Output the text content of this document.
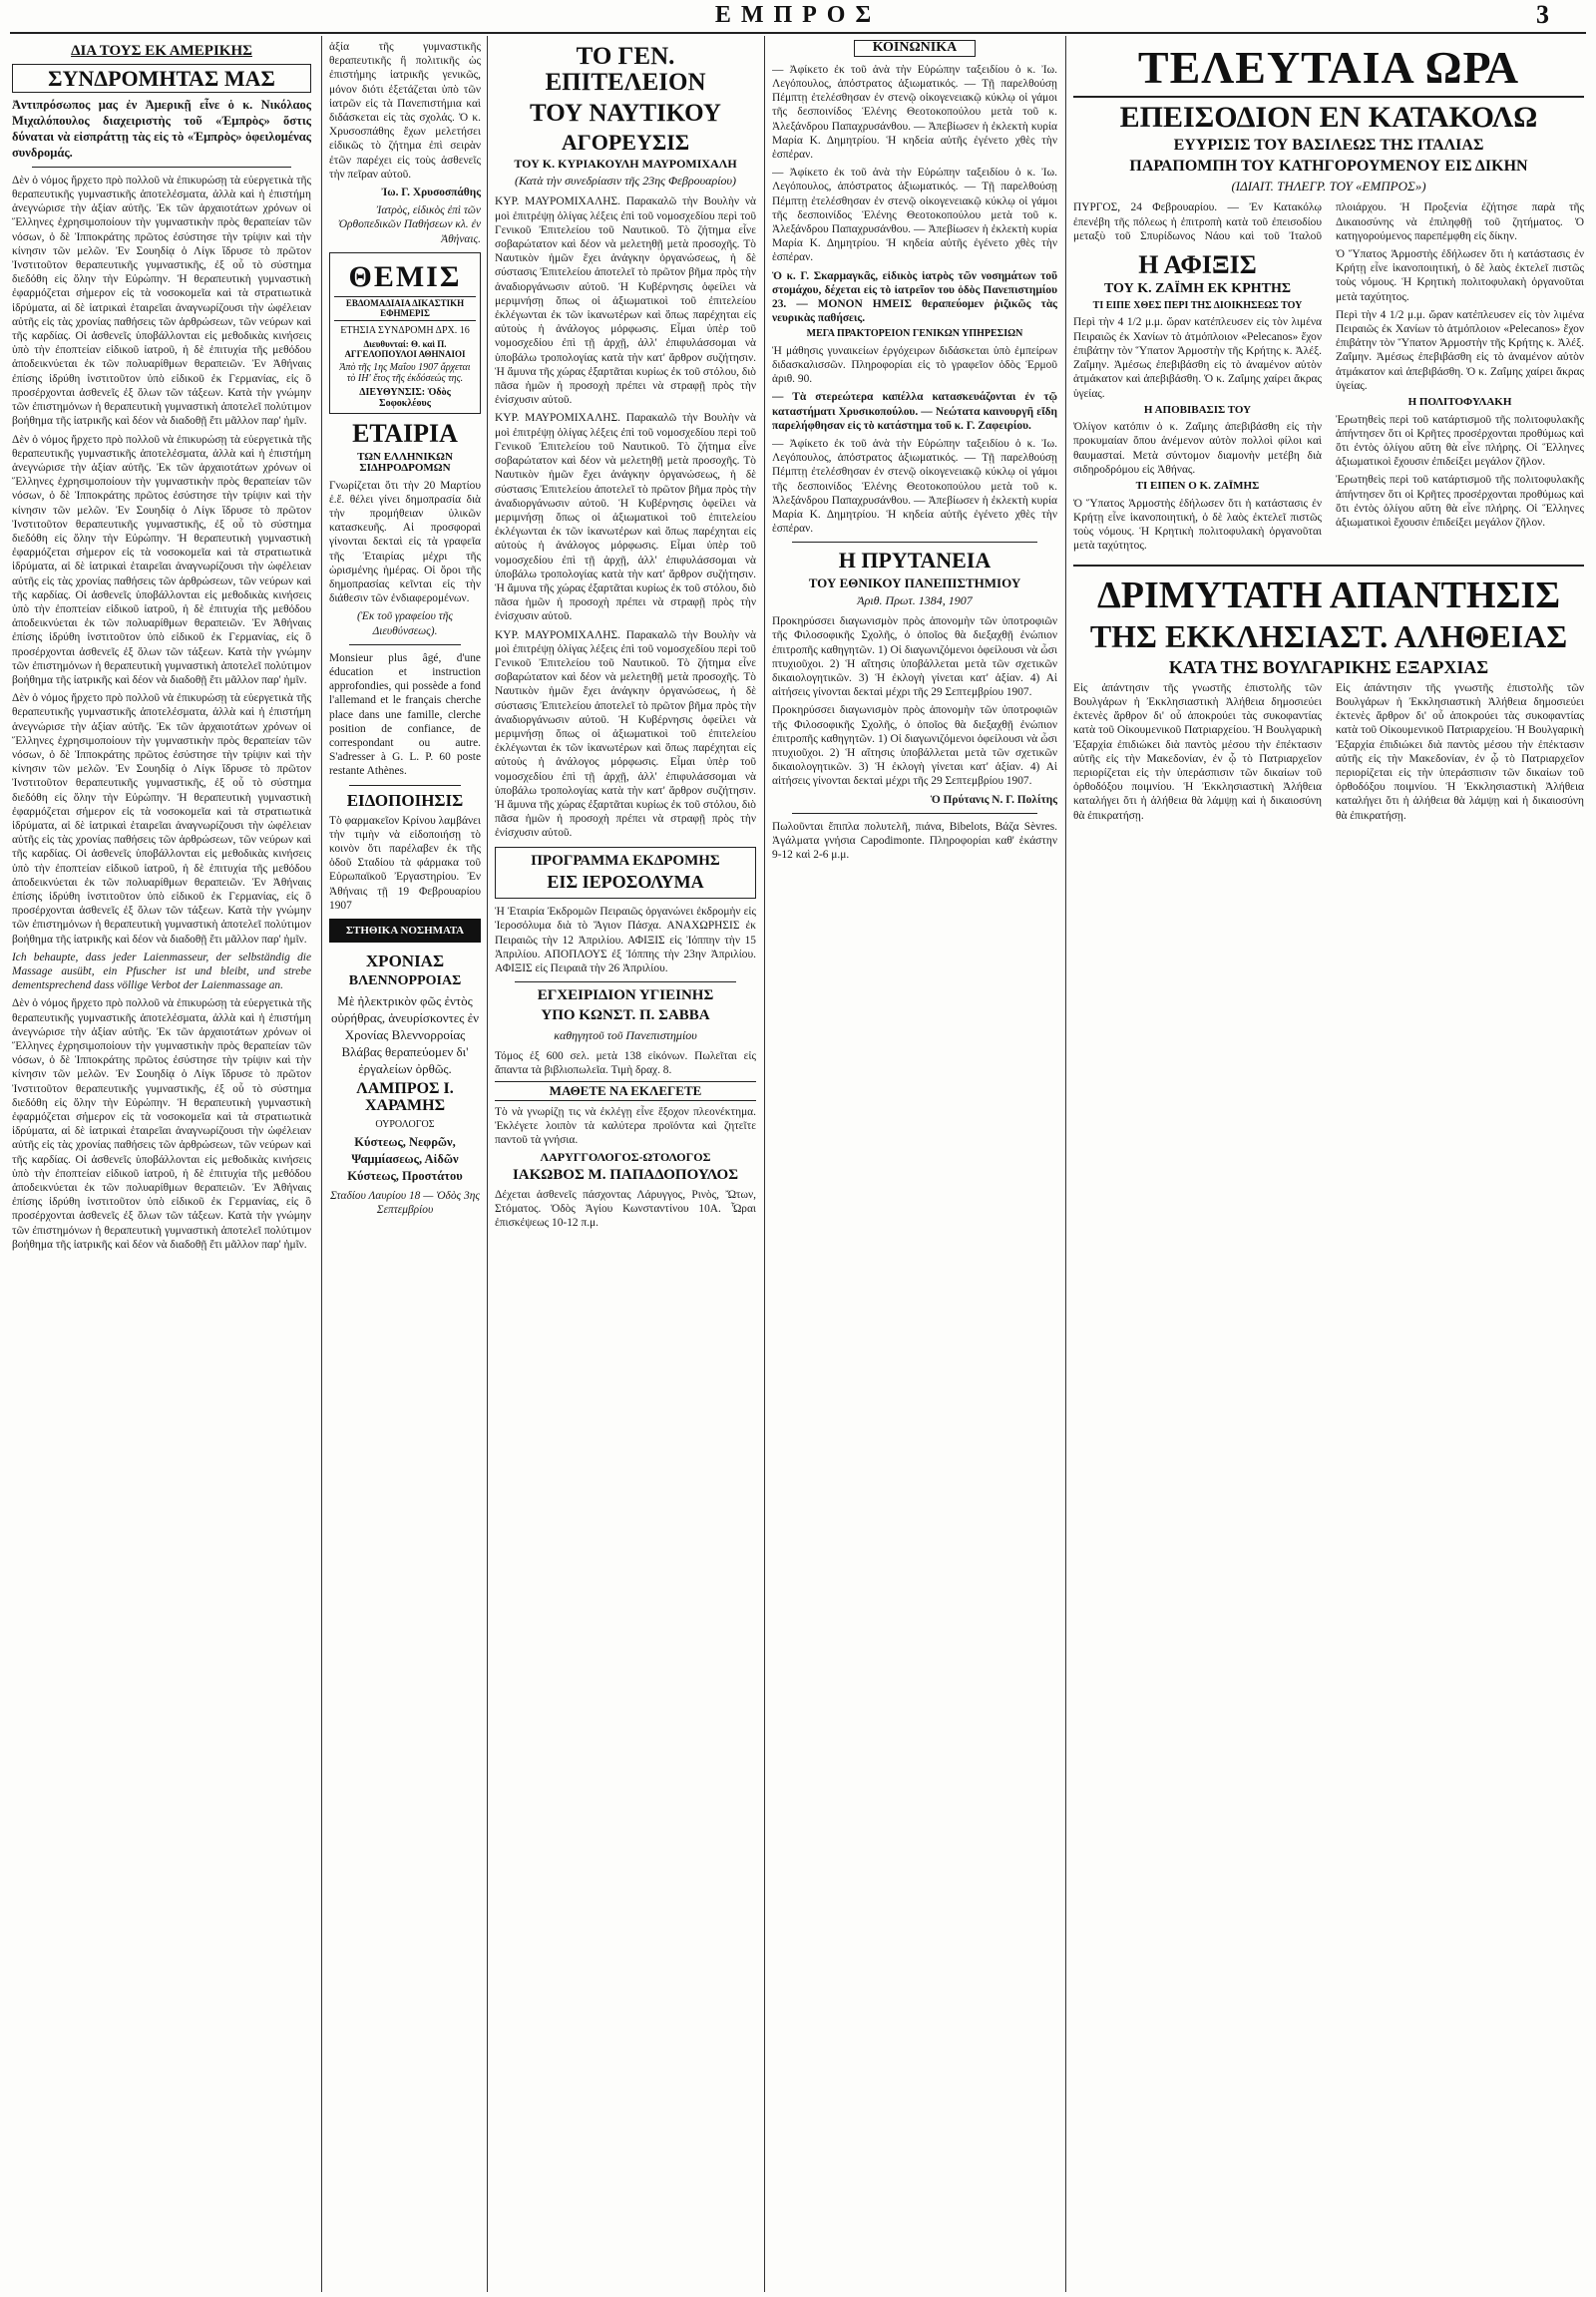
ΕΜΠΡΟΣ	3
ΔΙΑ ΤΟΥΣ ΕΚ ΑΜΕΡΙΚΗΣ
ΣΥΝΔΡΟΜΗΤΑΣ ΜΑΣ

Ἀντιπρόσωπος μας ἐν Ἀμερικῇ εἶνε ὁ κ. Νικόλαος Μιχαλόπουλος διαχειριστὴς τοῦ «Ἐμπρὸς» ὅστις δύναται νὰ εἰσπράττῃ τὰς εἰς τὸ «Ἐμπρὸς» ὀφειλομένας συνδρομάς.

Δὲν ὁ νόμος ἤρχετο πρὸ πολλοῦ νὰ ἐπικυρώσῃ τὰ εὐεργετικὰ τῆς θεραπευτικῆς γυμναστικῆς ἀποτελέσματα, ἀλλὰ καὶ ἡ ἐπιστήμη ἀνεγνώρισε τὴν ἀξίαν αὐτῆς. Ἐκ τῶν ἀρχαιοτάτων χρόνων οἱ Ἕλληνες ἐχρησιμοποίουν τὴν γυμναστικὴν πρὸς θεραπείαν τῶν νόσων, ὁ δὲ Ἱπποκράτης πρῶτος ἐσύστησε τὴν τρίψιν καὶ τὴν κίνησιν τῶν μελῶν. Ἐν Σουηδίᾳ ὁ Λίγκ ἵδρυσε τὸ πρῶτον Ἰνστιτοῦτον θεραπευτικῆς γυμναστικῆς, ἐξ οὗ τὸ σύστημα διεδόθη εἰς ὅλην τὴν Εὐρώπην. Ἡ θεραπευτικὴ γυμναστικὴ ἐφαρμόζεται σήμερον εἰς τὰ νοσοκομεῖα καὶ τὰ στρατιωτικὰ ἰδρύματα, αἱ δὲ ἰατρικαὶ ἑταιρεῖαι ἀναγνωρίζουσι τὴν ὠφέλειαν αὐτῆς εἰς τὰς χρονίας παθήσεις τῶν ἀρθρώσεων, τῶν νεύρων καὶ τῆς καρδίας. Οἱ ἀσθενεῖς ὑποβάλλονται εἰς μεθοδικὰς κινήσεις ὑπὸ τὴν ἐποπτείαν εἰδικοῦ ἰατροῦ, ἡ δὲ ἐπιτυχία τῆς μεθόδου ἀποδεικνύεται ἐκ τῶν πολυαρίθμων θεραπειῶν. Ἐν Ἀθήναις ἐπίσης ἱδρύθη ἰνστιτοῦτον ὑπὸ εἰδικοῦ ἐκ Γερμανίας, εἰς ὃ προσέρχονται ἀσθενεῖς ἐξ ὅλων τῶν τάξεων. Κατὰ τὴν γνώμην τῶν ἐπιστημόνων ἡ θεραπευτικὴ γυμναστικὴ ἀποτελεῖ πολύτιμον βοήθημα τῆς ἰατρικῆς καὶ δέον νὰ διαδοθῇ ἔτι μᾶλλον παρ' ἡμῖν.

Δὲν ὁ νόμος ἤρχετο πρὸ πολλοῦ νὰ ἐπικυρώσῃ τὰ εὐεργετικὰ τῆς θεραπευτικῆς γυμναστικῆς ἀποτελέσματα, ἀλλὰ καὶ ἡ ἐπιστήμη ἀνεγνώρισε τὴν ἀξίαν αὐτῆς. Ἐκ τῶν ἀρχαιοτάτων χρόνων οἱ Ἕλληνες ἐχρησιμοποίουν τὴν γυμναστικὴν πρὸς θεραπείαν τῶν νόσων, ὁ δὲ Ἱπποκράτης πρῶτος ἐσύστησε τὴν τρίψιν καὶ τὴν κίνησιν τῶν μελῶν. Ἐν Σουηδίᾳ ὁ Λίγκ ἵδρυσε τὸ πρῶτον Ἰνστιτοῦτον θεραπευτικῆς γυμναστικῆς, ἐξ οὗ τὸ σύστημα διεδόθη εἰς ὅλην τὴν Εὐρώπην. Ἡ θεραπευτικὴ γυμναστικὴ ἐφαρμόζεται σήμερον εἰς τὰ νοσοκομεῖα καὶ τὰ στρατιωτικὰ ἰδρύματα, αἱ δὲ ἰατρικαὶ ἑταιρεῖαι ἀναγνωρίζουσι τὴν ὠφέλειαν αὐτῆς εἰς τὰς χρονίας παθήσεις τῶν ἀρθρώσεων, τῶν νεύρων καὶ τῆς καρδίας. Οἱ ἀσθενεῖς ὑποβάλλονται εἰς μεθοδικὰς κινήσεις ὑπὸ τὴν ἐποπτείαν εἰδικοῦ ἰατροῦ, ἡ δὲ ἐπιτυχία τῆς μεθόδου ἀποδεικνύεται ἐκ τῶν πολυαρίθμων θεραπειῶν. Ἐν Ἀθήναις ἐπίσης ἱδρύθη ἰνστιτοῦτον ὑπὸ εἰδικοῦ ἐκ Γερμανίας, εἰς ὃ προσέρχονται ἀσθενεῖς ἐξ ὅλων τῶν τάξεων. Κατὰ τὴν γνώμην τῶν ἐπιστημόνων ἡ θεραπευτικὴ γυμναστικὴ ἀποτελεῖ πολύτιμον βοήθημα τῆς ἰατρικῆς καὶ δέον νὰ διαδοθῇ ἔτι μᾶλλον παρ' ἡμῖν.

Δὲν ὁ νόμος ἤρχετο πρὸ πολλοῦ νὰ ἐπικυρώσῃ τὰ εὐεργετικὰ τῆς θεραπευτικῆς γυμναστικῆς ἀποτελέσματα, ἀλλὰ καὶ ἡ ἐπιστήμη ἀνεγνώρισε τὴν ἀξίαν αὐτῆς. Ἐκ τῶν ἀρχαιοτάτων χρόνων οἱ Ἕλληνες ἐχρησιμοποίουν τὴν γυμναστικὴν πρὸς θεραπείαν τῶν νόσων, ὁ δὲ Ἱπποκράτης πρῶτος ἐσύστησε τὴν τρίψιν καὶ τὴν κίνησιν τῶν μελῶν. Ἐν Σουηδίᾳ ὁ Λίγκ ἵδρυσε τὸ πρῶτον Ἰνστιτοῦτον θεραπευτικῆς γυμναστικῆς, ἐξ οὗ τὸ σύστημα διεδόθη εἰς ὅλην τὴν Εὐρώπην. Ἡ θεραπευτικὴ γυμναστικὴ ἐφαρμόζεται σήμερον εἰς τὰ νοσοκομεῖα καὶ τὰ στρατιωτικὰ ἰδρύματα, αἱ δὲ ἰατρικαὶ ἑταιρεῖαι ἀναγνωρίζουσι τὴν ὠφέλειαν αὐτῆς εἰς τὰς χρονίας παθήσεις τῶν ἀρθρώσεων, τῶν νεύρων καὶ τῆς καρδίας. Οἱ ἀσθενεῖς ὑποβάλλονται εἰς μεθοδικὰς κινήσεις ὑπὸ τὴν ἐποπτείαν εἰδικοῦ ἰατροῦ, ἡ δὲ ἐπιτυχία τῆς μεθόδου ἀποδεικνύεται ἐκ τῶν πολυαρίθμων θεραπειῶν. Ἐν Ἀθήναις ἐπίσης ἱδρύθη ἰνστιτοῦτον ὑπὸ εἰδικοῦ ἐκ Γερμανίας, εἰς ὃ προσέρχονται ἀσθενεῖς ἐξ ὅλων τῶν τάξεων. Κατὰ τὴν γνώμην τῶν ἐπιστημόνων ἡ θεραπευτικὴ γυμναστικὴ ἀποτελεῖ πολύτιμον βοήθημα τῆς ἰατρικῆς καὶ δέον νὰ διαδοθῇ ἔτι μᾶλλον παρ' ἡμῖν.

Ich behaupte, dass jeder Laienmasseur, der selbständig die Massage ausübt, ein Pfuscher ist und bleibt, und strebe dementsprechend dass völlige Verbot der Laienmassage an.

Δὲν ὁ νόμος ἤρχετο πρὸ πολλοῦ νὰ ἐπικυρώσῃ τὰ εὐεργετικὰ τῆς θεραπευτικῆς γυμναστικῆς ἀποτελέσματα, ἀλλὰ καὶ ἡ ἐπιστήμη ἀνεγνώρισε τὴν ἀξίαν αὐτῆς. Ἐκ τῶν ἀρχαιοτάτων χρόνων οἱ Ἕλληνες ἐχρησιμοποίουν τὴν γυμναστικὴν πρὸς θεραπείαν τῶν νόσων, ὁ δὲ Ἱπποκράτης πρῶτος ἐσύστησε τὴν τρίψιν καὶ τὴν κίνησιν τῶν μελῶν. Ἐν Σουηδίᾳ ὁ Λίγκ ἵδρυσε τὸ πρῶτον Ἰνστιτοῦτον θεραπευτικῆς γυμναστικῆς, ἐξ οὗ τὸ σύστημα διεδόθη εἰς ὅλην τὴν Εὐρώπην. Ἡ θεραπευτικὴ γυμναστικὴ ἐφαρμόζεται σήμερον εἰς τὰ νοσοκομεῖα καὶ τὰ στρατιωτικὰ ἰδρύματα, αἱ δὲ ἰατρικαὶ ἑταιρεῖαι ἀναγνωρίζουσι τὴν ὠφέλειαν αὐτῆς εἰς τὰς χρονίας παθήσεις τῶν ἀρθρώσεων, τῶν νεύρων καὶ τῆς καρδίας. Οἱ ἀσθενεῖς ὑποβάλλονται εἰς μεθοδικὰς κινήσεις ὑπὸ τὴν ἐποπτείαν εἰδικοῦ ἰατροῦ, ἡ δὲ ἐπιτυχία τῆς μεθόδου ἀποδεικνύεται ἐκ τῶν πολυαρίθμων θεραπειῶν. Ἐν Ἀθήναις ἐπίσης ἱδρύθη ἰνστιτοῦτον ὑπὸ εἰδικοῦ ἐκ Γερμανίας, εἰς ὃ προσέρχονται ἀσθενεῖς ἐξ ὅλων τῶν τάξεων. Κατὰ τὴν γνώμην τῶν ἐπιστημόνων ἡ θεραπευτικὴ γυμναστικὴ ἀποτελεῖ πολύτιμον βοήθημα τῆς ἰατρικῆς καὶ δέον νὰ διαδοθῇ ἔτι μᾶλλον παρ' ἡμῖν.

ἀξία τῆς γυμναστικῆς θεραπευτικῆς ἢ πολιτικῆς ὡς ἐπιστήμης ἰατρικῆς γενικῶς, μόνον διότι ἐξετάζεται ὑπὸ τῶν ἰατρῶν εἰς τὰ Πανεπιστήμια καὶ διδάσκεται εἰς τὰς σχολάς. Ὁ κ. Χρυσοσπάθης ἔχων μελετήσει εἰδικῶς τὸ ζήτημα ἐπὶ σειρὰν ἐτῶν παρέχει εἰς τοὺς ἀσθενεῖς τὴν πεῖραν αὐτοῦ.

Ἰω. Γ. Χρυσοσπάθης

Ἰατρὸς, εἰδικὸς ἐπὶ τῶν Ὀρθοπεδικῶν Παθήσεων κλ. ἐν Ἀθήναις.

ΘΕΜΙΣ
ΕΒΔΟΜΑΔΙΑΙΑ ΔΙΚΑΣΤΙΚΗ ΕΦΗΜΕΡΙΣ
ΕΤΗΣΙΑ ΣΥΝΔΡΟΜΗ ΔΡΧ. 16
Διευθυνταί: Θ. καὶ Π. ΑΓΓΕΛΟΠΟΥΛΟΙ ΑΘΗΝΑΙΟΙ
Ἀπὸ τῆς 1ης Μαΐου 1907 ἄρχεται τὸ ΙΗ' ἔτος τῆς ἐκδόσεώς της.
ΔΙΕΥΘΥΝΣΙΣ: Ὁδὸς Σοφοκλέους
ΕΤΑΙΡΙΑ
ΤΩΝ ΕΛΛΗΝΙΚΩΝ ΣΙΔΗΡΟΔΡΟΜΩΝ

Γνωρίζεται ὅτι τὴν 20 Μαρτίου ἐ.ἔ. θέλει γίνει δημοπρασία διὰ τὴν προμήθειαν ὑλικῶν κατασκευῆς. Αἱ προσφοραὶ γίνονται δεκταὶ εἰς τὰ γραφεῖα τῆς Ἑταιρίας μέχρι τῆς ὡρισμένης ἡμέρας. Οἱ ὅροι τῆς δημοπρασίας κεῖνται εἰς τὴν διάθεσιν τῶν ἐνδιαφερομένων.

(Ἐκ τοῦ γραφείου τῆς Διευθύνσεως).

Monsieur plus âgé, d'une éducation et instruction approfondies, qui possède a fond l'allemand et le français cherche place dans une famille, clerche position de confiance, de correspondant ou autre. S'adresser à G. L. P. 60 poste restante Athènes.

ΕΙΔΟΠΟΙΗΣΙΣ

Τὸ φαρμακεῖον Κρίνου λαμβάνει τὴν τιμὴν νὰ εἰδοποιήσῃ τὸ κοινὸν ὅτι παρέλαβεν ἐκ τῆς ὁδοῦ Σταδίου τὰ φάρμακα τοῦ Εὐρωπαϊκοῦ Ἐργαστηρίου. Ἐν Ἀθήναις τῇ 19 Φεβρουαρίου 1907

ΣΤΗΘΙΚΑ ΝΟΣΗΜΑΤΑ
ΧΡΟΝΙΑΣ
ΒΛΕΝΝΟΡΡΟΙΑΣ

Μὲ ἠλεκτρικὸν φῶς ἐντὸς οὐρήθρας, ἀνευρίσκοντες ἐν Χρονίας Βλεννορροίας Βλάβας θεραπεύομεν δι' ἐργαλείων ὀρθῶς.

ΛΑΜΠΡΟΣ Ι. ΧΑΡΑΜΗΣ
ΟΥΡΟΛΟΓΟΣ

Κύστεως, Νεφρῶν, Ψαμμίασεως, Αἰδῶν Κύστεως, Προστάτου

Σταδίου Λαυρίου 18 — Ὁδὸς 3ης Σεπτεμβρίου

ΤΟ ΓΕΝ. ΕΠΙΤΕΛΕΙΟΝ
ΤΟΥ ΝΑΥΤΙΚΟΥ
ΑΓΟΡΕΥΣΙΣ
ΤΟΥ Κ. ΚΥΡΙΑΚΟΥΛΗ ΜΑΥΡΟΜΙΧΑΛΗ
(Κατὰ τὴν συνεδρίασιν τῆς 23ης Φεβρουαρίου)

ΚΥΡ. ΜΑΥΡΟΜΙΧΑΛΗΣ. Παρακαλῶ τὴν Βουλὴν νὰ μοὶ ἐπιτρέψῃ ὀλίγας λέξεις ἐπὶ τοῦ νομοσχεδίου περὶ τοῦ Γενικοῦ Ἐπιτελείου τοῦ Ναυτικοῦ. Τὸ ζήτημα εἶνε σοβαρώτατον καὶ δέον νὰ μελετηθῇ μετὰ προσοχῆς. Τὸ Ναυτικὸν ἡμῶν ἔχει ἀνάγκην ὀργανώσεως, ἡ δὲ σύστασις Ἐπιτελείου ἀποτελεῖ τὸ πρῶτον βῆμα πρὸς τὴν ἀναδιοργάνωσιν αὐτοῦ. Ἡ Κυβέρνησις ὀφείλει νὰ μεριμνήσῃ ὅπως οἱ ἀξιωματικοὶ τοῦ ἐπιτελείου ἐκλέγωνται ἐκ τῶν ἱκανωτέρων καὶ ὅπως παρέχηται εἰς αὐτοὺς ἡ ἀνάλογος μόρφωσις. Εἶμαι ὑπὲρ τοῦ νομοσχεδίου ἐπὶ τῇ ἀρχῇ, ἀλλ' ἐπιφυλάσσομαι νὰ ὑποβάλω τροπολογίας κατὰ τὴν κατ' ἄρθρον συζήτησιν. Ἡ ἄμυνα τῆς χώρας ἐξαρτᾶται κυρίως ἐκ τοῦ στόλου, διὸ πᾶσα ἡμῶν ἡ προσοχὴ πρέπει νὰ στραφῇ πρὸς τὴν ἐνίσχυσιν αὐτοῦ.

ΚΥΡ. ΜΑΥΡΟΜΙΧΑΛΗΣ. Παρακαλῶ τὴν Βουλὴν νὰ μοὶ ἐπιτρέψῃ ὀλίγας λέξεις ἐπὶ τοῦ νομοσχεδίου περὶ τοῦ Γενικοῦ Ἐπιτελείου τοῦ Ναυτικοῦ. Τὸ ζήτημα εἶνε σοβαρώτατον καὶ δέον νὰ μελετηθῇ μετὰ προσοχῆς. Τὸ Ναυτικὸν ἡμῶν ἔχει ἀνάγκην ὀργανώσεως, ἡ δὲ σύστασις Ἐπιτελείου ἀποτελεῖ τὸ πρῶτον βῆμα πρὸς τὴν ἀναδιοργάνωσιν αὐτοῦ. Ἡ Κυβέρνησις ὀφείλει νὰ μεριμνήσῃ ὅπως οἱ ἀξιωματικοὶ τοῦ ἐπιτελείου ἐκλέγωνται ἐκ τῶν ἱκανωτέρων καὶ ὅπως παρέχηται εἰς αὐτοὺς ἡ ἀνάλογος μόρφωσις. Εἶμαι ὑπὲρ τοῦ νομοσχεδίου ἐπὶ τῇ ἀρχῇ, ἀλλ' ἐπιφυλάσσομαι νὰ ὑποβάλω τροπολογίας κατὰ τὴν κατ' ἄρθρον συζήτησιν. Ἡ ἄμυνα τῆς χώρας ἐξαρτᾶται κυρίως ἐκ τοῦ στόλου, διὸ πᾶσα ἡμῶν ἡ προσοχὴ πρέπει νὰ στραφῇ πρὸς τὴν ἐνίσχυσιν αὐτοῦ.

ΚΥΡ. ΜΑΥΡΟΜΙΧΑΛΗΣ. Παρακαλῶ τὴν Βουλὴν νὰ μοὶ ἐπιτρέψῃ ὀλίγας λέξεις ἐπὶ τοῦ νομοσχεδίου περὶ τοῦ Γενικοῦ Ἐπιτελείου τοῦ Ναυτικοῦ. Τὸ ζήτημα εἶνε σοβαρώτατον καὶ δέον νὰ μελετηθῇ μετὰ προσοχῆς. Τὸ Ναυτικὸν ἡμῶν ἔχει ἀνάγκην ὀργανώσεως, ἡ δὲ σύστασις Ἐπιτελείου ἀποτελεῖ τὸ πρῶτον βῆμα πρὸς τὴν ἀναδιοργάνωσιν αὐτοῦ. Ἡ Κυβέρνησις ὀφείλει νὰ μεριμνήσῃ ὅπως οἱ ἀξιωματικοὶ τοῦ ἐπιτελείου ἐκλέγωνται ἐκ τῶν ἱκανωτέρων καὶ ὅπως παρέχηται εἰς αὐτοὺς ἡ ἀνάλογος μόρφωσις. Εἶμαι ὑπὲρ τοῦ νομοσχεδίου ἐπὶ τῇ ἀρχῇ, ἀλλ' ἐπιφυλάσσομαι νὰ ὑποβάλω τροπολογίας κατὰ τὴν κατ' ἄρθρον συζήτησιν. Ἡ ἄμυνα τῆς χώρας ἐξαρτᾶται κυρίως ἐκ τοῦ στόλου, διὸ πᾶσα ἡμῶν ἡ προσοχὴ πρέπει νὰ στραφῇ πρὸς τὴν ἐνίσχυσιν αὐτοῦ.

ΠΡΟΓΡΑΜΜΑ ΕΚΔΡΟΜΗΣ
ΕΙΣ ΙΕΡΟΣΟΛΥΜΑ

Ἡ Ἑταιρία Ἐκδρομῶν Πειραιῶς ὀργανώνει ἐκδρομὴν εἰς Ἱεροσόλυμα διὰ τὸ Ἅγιον Πάσχα. ΑΝΑΧΩΡΗΣΙΣ ἐκ Πειραιῶς τὴν 12 Ἀπριλίου. ΑΦΙΞΙΣ εἰς Ἰόππην τὴν 15 Ἀπριλίου. ΑΠΟΠΛΟΥΣ ἐξ Ἰόππης τὴν 23ην Ἀπριλίου. ΑΦΙΞΙΣ εἰς Πειραιᾶ τὴν 26 Ἀπριλίου.

ΕΓΧΕΙΡΙΔΙΟΝ ΥΓΙΕΙΝΗΣ
ΥΠΟ ΚΩΝΣΤ. Π. ΣΑΒΒΑ
καθηγητοῦ τοῦ Πανεπιστημίου

Τόμος ἐξ 600 σελ. μετὰ 138 εἰκόνων. Πωλεῖται εἰς ἅπαντα τὰ βιβλιοπωλεῖα. Τιμὴ δραχ. 8.

ΜΑΘΕΤΕ ΝΑ ΕΚΛΕΓΕΤΕ

Τὸ νὰ γνωρίζῃ τις νὰ ἐκλέγῃ εἶνε ἔξοχον πλεονέκτημα. Ἐκλέγετε λοιπὸν τὰ καλύτερα προϊόντα καὶ ζητεῖτε παντοῦ τὰ γνήσια.

ΛΑΡΥΓΓΟΛΟΓΟΣ-ΩΤΟΛΟΓΟΣ
ΙΑΚΩΒΟΣ Μ. ΠΑΠΑΔΟΠΟΥΛΟΣ

Δέχεται ἀσθενεῖς πάσχοντας Λάρυγγος, Ρινὸς, Ὤτων, Στόματος. Ὁδὸς Ἁγίου Κωνσταντίνου 10Α. Ὧραι ἐπισκέψεως 10-12 π.μ.

ΚΟΙΝΩΝΙΚΑ

— Ἀφίκετο ἐκ τοῦ ἀνὰ τὴν Εὐρώπην ταξειδίου ὁ κ. Ἰω. Λεγόπουλος, ἀπόστρατος ἀξιωματικός. — Τῇ παρελθούσῃ Πέμπτῃ ἐτελέσθησαν ἐν στενῷ οἰκογενειακῷ κύκλῳ οἱ γάμοι τῆς δεσποινίδος Ἑλένης Θεοτοκοπούλου μετὰ τοῦ κ. Ἀλεξάνδρου Παπαχρυσάνθου. — Ἀπεβίωσεν ἡ ἐκλεκτὴ κυρία Μαρία Κ. Δημητρίου. Ἡ κηδεία αὐτῆς ἐγένετο χθὲς τὴν ἑσπέραν.

— Ἀφίκετο ἐκ τοῦ ἀνὰ τὴν Εὐρώπην ταξειδίου ὁ κ. Ἰω. Λεγόπουλος, ἀπόστρατος ἀξιωματικός. — Τῇ παρελθούσῃ Πέμπτῃ ἐτελέσθησαν ἐν στενῷ οἰκογενειακῷ κύκλῳ οἱ γάμοι τῆς δεσποινίδος Ἑλένης Θεοτοκοπούλου μετὰ τοῦ κ. Ἀλεξάνδρου Παπαχρυσάνθου. — Ἀπεβίωσεν ἡ ἐκλεκτὴ κυρία Μαρία Κ. Δημητρίου. Ἡ κηδεία αὐτῆς ἐγένετο χθὲς τὴν ἑσπέραν.

Ὁ κ. Γ. Σκαρμαγκᾶς, εἰδικὸς ἰατρὸς τῶν νοσημάτων τοῦ στομάχου, δέχεται εἰς τὸ ἰατρεῖον του ὁδὸς Πανεπιστημίου 23. — ΜΟΝΟΝ ΗΜΕΙΣ θεραπεύομεν ῥιζικῶς τὰς νευρικὰς παθήσεις.

ΜΕΓΑ ΠΡΑΚΤΟΡΕΙΟΝ ΓΕΝΙΚΩΝ ΥΠΗΡΕΣΙΩΝ

Ἡ μάθησις γυναικείων ἐργόχειρων διδάσκεται ὑπὸ ἐμπείρων διδασκαλισσῶν. Πληροφορίαι εἰς τὸ γραφεῖον ὁδὸς Ἑρμοῦ ἀριθ. 90.

— Τὰ στερεώτερα καπέλλα κατασκευάζονται ἐν τῷ καταστήματι Χρυσικοπούλου. — Νεώτατα καινουργῆ εἴδη παρελήφθησαν εἰς τὸ κατάστημα τοῦ κ. Γ. Ζαφειρίου.

— Ἀφίκετο ἐκ τοῦ ἀνὰ τὴν Εὐρώπην ταξειδίου ὁ κ. Ἰω. Λεγόπουλος, ἀπόστρατος ἀξιωματικός. — Τῇ παρελθούσῃ Πέμπτῃ ἐτελέσθησαν ἐν στενῷ οἰκογενειακῷ κύκλῳ οἱ γάμοι τῆς δεσποινίδος Ἑλένης Θεοτοκοπούλου μετὰ τοῦ κ. Ἀλεξάνδρου Παπαχρυσάνθου. — Ἀπεβίωσεν ἡ ἐκλεκτὴ κυρία Μαρία Κ. Δημητρίου. Ἡ κηδεία αὐτῆς ἐγένετο χθὲς τὴν ἑσπέραν.

Η ΠΡΥΤΑΝΕΙΑ
ΤΟΥ ΕΘΝΙΚΟΥ ΠΑΝΕΠΙΣΤΗΜΙΟΥ
Ἀριθ. Πρωτ. 1384, 1907

Προκηρύσσει διαγωνισμὸν πρὸς ἀπονομὴν τῶν ὑποτροφιῶν τῆς Φιλοσοφικῆς Σχολῆς, ὁ ὁποῖος θὰ διεξαχθῇ ἐνώπιον ἐπιτροπῆς καθηγητῶν. 1) Οἱ διαγωνιζόμενοι ὀφείλουσι νὰ ὦσι πτυχιοῦχοι. 2) Ἡ αἴτησις ὑποβάλλεται μετὰ τῶν σχετικῶν δικαιολογητικῶν. 3) Ἡ ἐκλογὴ γίνεται κατ' ἀξίαν. 4) Αἱ αἰτήσεις γίνονται δεκταὶ μέχρι τῆς 29 Σεπτεμβρίου 1907.

Προκηρύσσει διαγωνισμὸν πρὸς ἀπονομὴν τῶν ὑποτροφιῶν τῆς Φιλοσοφικῆς Σχολῆς, ὁ ὁποῖος θὰ διεξαχθῇ ἐνώπιον ἐπιτροπῆς καθηγητῶν. 1) Οἱ διαγωνιζόμενοι ὀφείλουσι νὰ ὦσι πτυχιοῦχοι. 2) Ἡ αἴτησις ὑποβάλλεται μετὰ τῶν σχετικῶν δικαιολογητικῶν. 3) Ἡ ἐκλογὴ γίνεται κατ' ἀξίαν. 4) Αἱ αἰτήσεις γίνονται δεκταὶ μέχρι τῆς 29 Σεπτεμβρίου 1907.

Ὁ Πρύτανις Ν. Γ. Πολίτης

Πωλοῦνται ἔπιπλα πολυτελῆ, πιάνα, Bibelots, Βάζα Sèvres. Ἀγάλματα γνήσια Capodimonte. Πληροφορίαι καθ' ἑκάστην 9-12 καὶ 2-6 μ.μ.

ΤΕΛΕΥΤΑΙΑ ΩΡΑ
ΕΠΕΙΣΟΔΙΟΝ ΕΝ ΚΑΤΑΚΟΛΩ
ΕΥΥΡΙΣΙΣ ΤΟΥ ΒΑΣΙΛΕΩΣ ΤΗΣ ΙΤΑΛΙΑΣ
ΠΑΡΑΠΟΜΠΗ ΤΟΥ ΚΑΤΗΓΟΡΟΥΜΕΝΟΥ ΕΙΣ ΔΙΚΗΝ
(ΙΔΙΑΙΤ. ΤΗΛΕΓΡ. ΤΟΥ «ΕΜΠΡΟΣ»)

ΠΥΡΓΟΣ, 24 Φεβρουαρίου. — Ἐν Κατακόλῳ ἐπενέβη τῆς πόλεως ἡ ἐπιτροπὴ κατὰ τοῦ ἐπεισοδίου μεταξὺ τοῦ Σπυρίδωνος Νάου καὶ τοῦ Ἰταλοῦ πλοιάρχου. Ἡ Προξενία ἐζήτησε παρὰ τῆς Δικαιοσύνης νὰ ἐπιληφθῇ τοῦ ζητήματος. Ὁ κατηγορούμενος παρεπέμφθη εἰς δίκην.

Η ΑΦΙΞΙΣ
ΤΟΥ Κ. ΖΑΪΜΗ ΕΚ ΚΡΗΤΗΣ
ΤΙ ΕΙΠΕ ΧΘΕΣ ΠΕΡΙ ΤΗΣ ΔΙΟΙΚΗΣΕΩΣ ΤΟΥ

Περὶ τὴν 4 1/2 μ.μ. ὥραν κατέπλευσεν εἰς τὸν λιμένα Πειραιῶς ἐκ Χανίων τὸ ἀτμόπλοιον «Pelecanos» ἔχον ἐπιβάτην τὸν Ὕπατον Ἁρμοστὴν τῆς Κρήτης κ. Ἀλέξ. Ζαΐμην. Ἀμέσως ἐπεβιβάσθη εἰς τὸ ἀναμένον αὐτὸν ἀτμάκατον καὶ ἀπεβιβάσθη. Ὁ κ. Ζαΐμης χαίρει ἄκρας ὑγείας.

Η ΑΠΟΒΙΒΑΣΙΣ ΤΟΥ

Ὀλίγον κατόπιν ὁ κ. Ζαΐμης ἀπεβιβάσθη εἰς τὴν προκυμαίαν ὅπου ἀνέμενον αὐτὸν πολλοὶ φίλοι καὶ θαυμασταί. Μετὰ σύντομον διαμονὴν μετέβη διὰ σιδηροδρόμου εἰς Ἀθήνας.

ΤΙ ΕΙΠΕΝ Ο Κ. ΖΑΪΜΗΣ

Ὁ Ὕπατος Ἁρμοστὴς ἐδήλωσεν ὅτι ἡ κατάστασις ἐν Κρήτῃ εἶνε ἱκανοποιητική, ὁ δὲ λαὸς ἐκτελεῖ πιστῶς τοὺς νόμους. Ἡ Κρητικὴ πολιτοφυλακὴ ὀργανοῦται μετὰ ταχύτητος.

Ὁ Ὕπατος Ἁρμοστὴς ἐδήλωσεν ὅτι ἡ κατάστασις ἐν Κρήτῃ εἶνε ἱκανοποιητική, ὁ δὲ λαὸς ἐκτελεῖ πιστῶς τοὺς νόμους. Ἡ Κρητικὴ πολιτοφυλακὴ ὀργανοῦται μετὰ ταχύτητος.

Περὶ τὴν 4 1/2 μ.μ. ὥραν κατέπλευσεν εἰς τὸν λιμένα Πειραιῶς ἐκ Χανίων τὸ ἀτμόπλοιον «Pelecanos» ἔχον ἐπιβάτην τὸν Ὕπατον Ἁρμοστὴν τῆς Κρήτης κ. Ἀλέξ. Ζαΐμην. Ἀμέσως ἐπεβιβάσθη εἰς τὸ ἀναμένον αὐτὸν ἀτμάκατον καὶ ἀπεβιβάσθη. Ὁ κ. Ζαΐμης χαίρει ἄκρας ὑγείας.

Η ΠΟΛΙΤΟΦΥΛΑΚΗ

Ἐρωτηθεὶς περὶ τοῦ κατάρτισμοῦ τῆς πολιτοφυλακῆς ἀπήντησεν ὅτι οἱ Κρῆτες προσέρχονται προθύμως καὶ ὅτι ἐντὸς ὀλίγου αὕτη θὰ εἶνε πλήρης. Οἱ Ἕλληνες ἀξιωματικοὶ ἔχουσιν ἐπιδείξει μεγάλον ζῆλον.

Ἐρωτηθεὶς περὶ τοῦ κατάρτισμοῦ τῆς πολιτοφυλακῆς ἀπήντησεν ὅτι οἱ Κρῆτες προσέρχονται προθύμως καὶ ὅτι ἐντὸς ὀλίγου αὕτη θὰ εἶνε πλήρης. Οἱ Ἕλληνες ἀξιωματικοὶ ἔχουσιν ἐπιδείξει μεγάλον ζῆλον.

ΔΡΙΜΥΤΑΤΗ ΑΠΑΝΤΗΣΙΣ
ΤΗΣ ΕΚΚΛΗΣΙΑΣΤ. ΑΛΗΘΕΙΑΣ
ΚΑΤΑ ΤΗΣ ΒΟΥΛΓΑΡΙΚΗΣ ΕΞΑΡΧΙΑΣ

Εἰς ἀπάντησιν τῆς γνωστῆς ἐπιστολῆς τῶν Βουλγάρων ἡ Ἐκκλησιαστικὴ Ἀλήθεια δημοσιεύει ἐκτενὲς ἄρθρον δι' οὗ ἀποκρούει τὰς συκοφαντίας κατὰ τοῦ Οἰκουμενικοῦ Πατριαρχείου. Ἡ Βουλγαρικὴ Ἐξαρχία ἐπιδιώκει διὰ παντὸς μέσου τὴν ἐπέκτασιν αὐτῆς εἰς τὴν Μακεδονίαν, ἐν ᾧ τὸ Πατριαρχεῖον περιορίζεται εἰς τὴν ὑπεράσπισιν τῶν δικαίων τοῦ ὀρθοδόξου ποιμνίου. Ἡ Ἐκκλησιαστικὴ Ἀλήθεια καταλήγει ὅτι ἡ ἀλήθεια θὰ λάμψῃ καὶ ἡ δικαιοσύνη θὰ ἐπικρατήσῃ.

Εἰς ἀπάντησιν τῆς γνωστῆς ἐπιστολῆς τῶν Βουλγάρων ἡ Ἐκκλησιαστικὴ Ἀλήθεια δημοσιεύει ἐκτενὲς ἄρθρον δι' οὗ ἀποκρούει τὰς συκοφαντίας κατὰ τοῦ Οἰκουμενικοῦ Πατριαρχείου. Ἡ Βουλγαρικὴ Ἐξαρχία ἐπιδιώκει διὰ παντὸς μέσου τὴν ἐπέκτασιν αὐτῆς εἰς τὴν Μακεδονίαν, ἐν ᾧ τὸ Πατριαρχεῖον περιορίζεται εἰς τὴν ὑπεράσπισιν τῶν δικαίων τοῦ ὀρθοδόξου ποιμνίου. Ἡ Ἐκκλησιαστικὴ Ἀλήθεια καταλήγει ὅτι ἡ ἀλήθεια θὰ λάμψῃ καὶ ἡ δικαιοσύνη θὰ ἐπικρατήσῃ.
